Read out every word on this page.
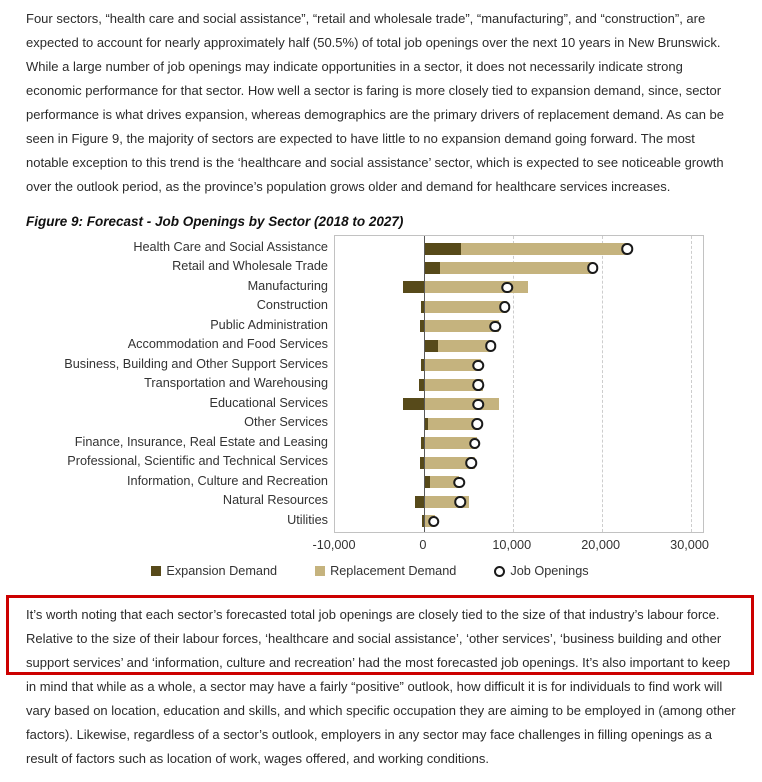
Four sectors, “health care and social assistance”, “retail and wholesale trade”, “manufacturing”, and “construction”, are expected to account for nearly approximately half (50.5%) of total job openings over the next 10 years in New Brunswick. While a large number of job openings may indicate opportunities in a sector, it does not necessarily indicate strong economic performance for that sector. How well a sector is faring is more closely tied to expansion demand, since, sector performance is what drives expansion, whereas demographics are the primary drivers of replacement demand. As can be seen in Figure 9, the majority of sectors are expected to have little to no expansion demand going forward. The most notable exception to this trend is the ‘healthcare and social assistance’ sector, which is expected to see noticeable growth over the outlook period, as the province’s population grows older and demand for healthcare services increases.

Figure 9: Forecast - Job Openings by Sector (2018 to 2027)
Health Care and Social Assistance
Retail and Wholesale Trade
Manufacturing
Construction
Public Administration
Accommodation and Food Services
Business, Building and Other Support Services
Transportation and Warehousing
Educational Services
Other Services
Finance, Insurance, Real Estate and Leasing
Professional, Scientific and Technical Services
Information, Culture and Recreation
Natural Resources
Utilities
-10,000	0	10,000	20,000	30,000
Expansion Demand	Replacement Demand	Job Openings

It’s worth noting that each sector’s forecasted total job openings are closely tied to the size of that industry’s labour force. Relative to the size of their labour forces, ‘healthcare and social assistance’, ‘other services’, ‘business building and other support services’ and ‘information, culture and recreation’ had the most forecasted job openings. It’s also important to keep in mind that while as a whole, a sector may have a fairly “positive” outlook, how difficult it is for individuals to find work will vary based on location, education and skills, and which specific occupation they are aiming to be employed in (among other factors). Likewise, regardless of a sector’s outlook, employers in any sector may face challenges in filling openings as a result of factors such as location of work, wages offered, and working conditions.
